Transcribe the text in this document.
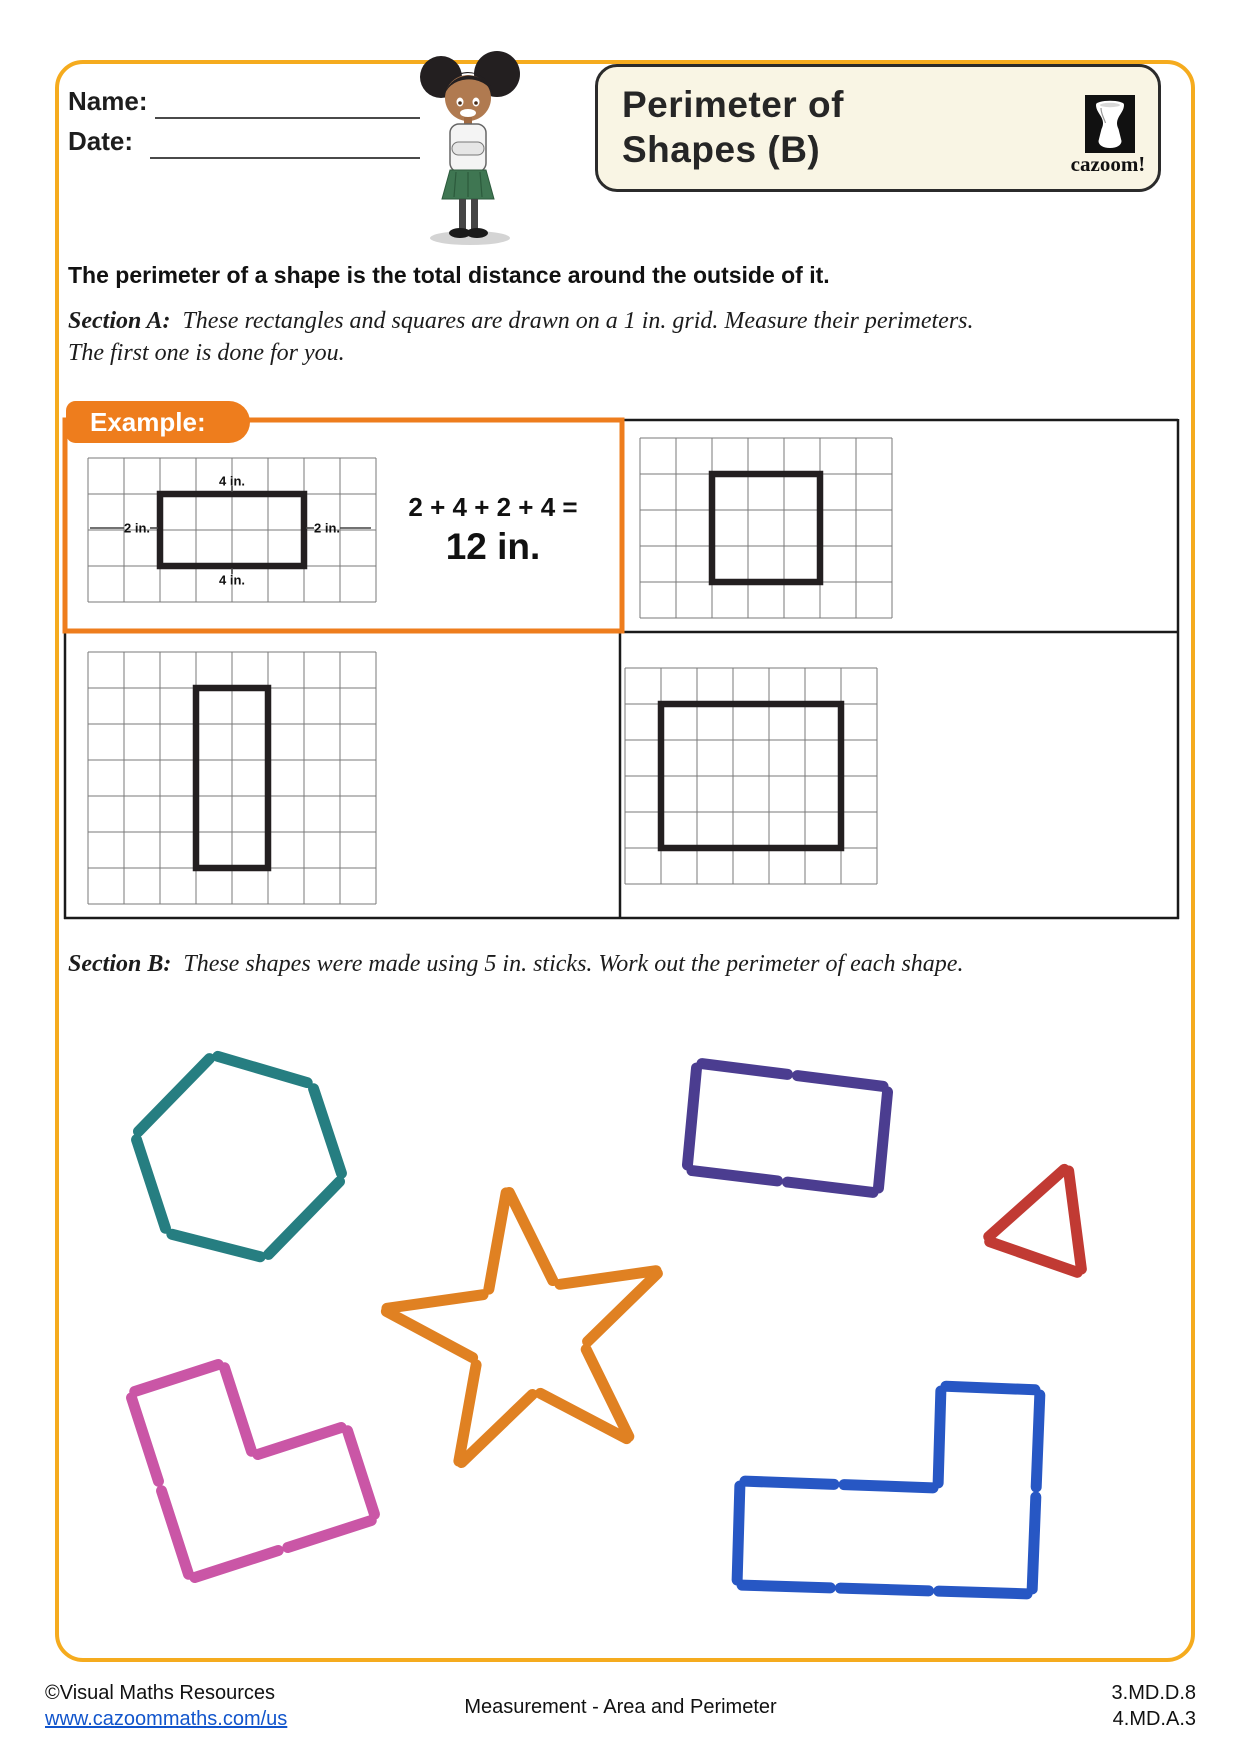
Name:
Date:
Perimeter of
Shapes (B)	cazoom!
The perimeter of a shape is the total distance around the outside of it.
Section A: These rectangles and squares are drawn on a 1 in. grid. Measure their perimeters.
The first one is done for you.
Example:
4 in.
2 in.	2 in.
4 in.
2 + 4 + 2 + 4 =
12 in.
Section B: These shapes were made using 5 in. sticks. Work out the perimeter of each shape.
©Visual Maths Resources
www.cazoommaths.com/us
Measurement - Area and Perimeter
3.MD.D.8
4.MD.A.3
